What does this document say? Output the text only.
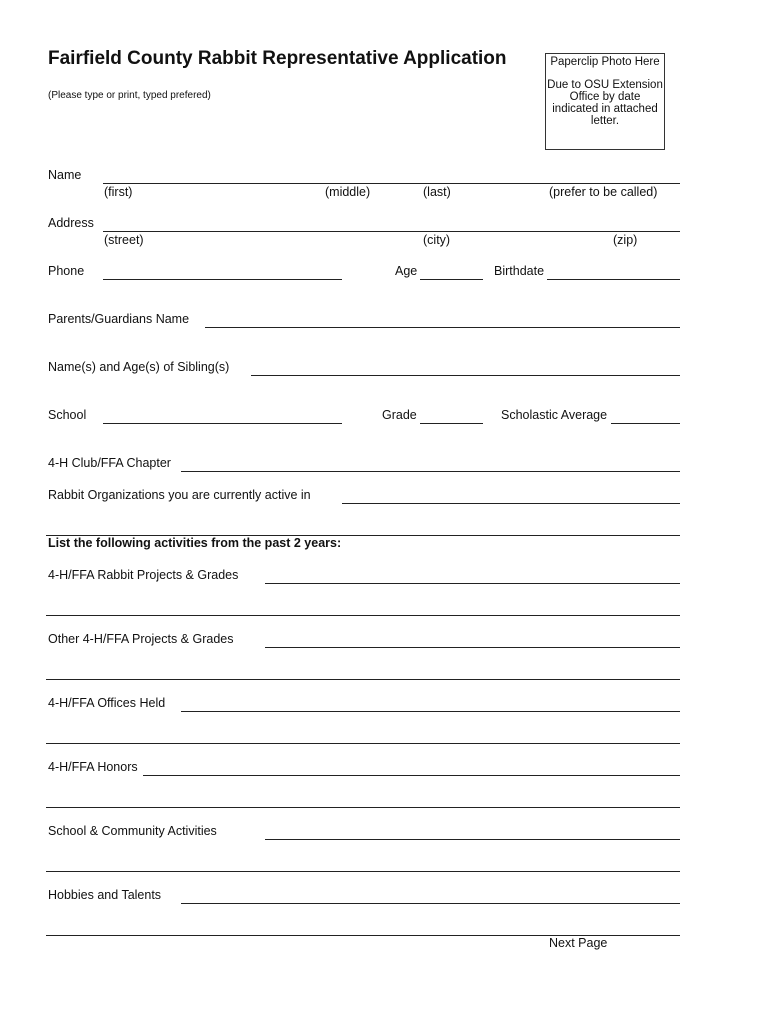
Fairfield County Rabbit Representative Application
(Please type or print, typed prefered)
Paperclip Photo Here
Due to OSU Extension Office by date indicated in attached letter.
Name
(first)	(middle)	(last)	(prefer to be called)
Address
(street)	(city)	(zip)
Phone	Age	Birthdate
Parents/Guardians Name
Name(s) and Age(s) of Sibling(s)
School	Grade	Scholastic Average
4-H Club/FFA Chapter
Rabbit Organizations you are currently active in
List the following activities from the past 2 years:
4-H/FFA Rabbit Projects & Grades
Other 4-H/FFA Projects & Grades
4-H/FFA Offices Held
4-H/FFA Honors
School & Community Activities
Hobbies and Talents
Next Page
